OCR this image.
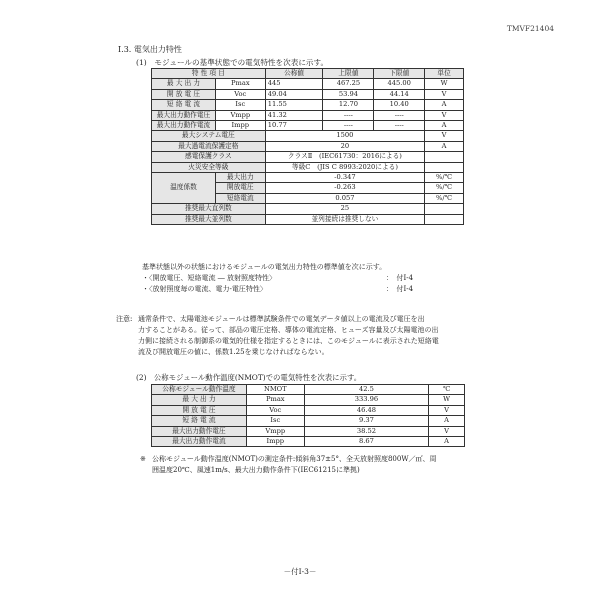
TMVF21404
Ⅰ.3. 電気出力特性
(1)　モジュールの基準状態での電気特性を次表に示す。
特 性 項 目		公称値	上限値	下限値	単位
最 大 出 力	Pmax	445	467.25	445.00	W
開 放 電 圧	Voc	49.04	53.94	44.14	V
短 絡 電 流	Isc	11.55	12.70	10.40	A
最大出力動作電圧	Vmpp	41.32	----	----	V
最大出力動作電流	Impp	10.77	----	----	A
最大システム電圧		1500			V
最大過電流保護定格		20			A
感電保護クラス		クラスⅡ　(IEC61730：2016による)			
火災安全等級		等級C　(JIS C 8993:2020による)			
温度係数	最大出力	-0.347			%/℃
	開放電圧	-0.263			%/℃
	短絡電流	0.057			%/℃
推奨最大直列数		25			
推奨最大並列数		並列接続は推奨しない			
基準状態以外の状態におけるモジュールの電気出力特性の標準値を次に示す。
・〈開放電圧、短絡電流 ― 放射照度特性〉	：　付Ⅰ-4
・〈放射照度毎の電流、電力-電圧特性〉	：　付Ⅰ-4
注意: 通常条件で、太陽電池モジュールは標準試験条件での電気データ値以上の電流及び電圧を出
力することがある。従って、部品の電圧定格、導体の電流定格、ヒューズ容量及び太陽電池の出
力側に接続される制御系の電気的仕様を指定するときには、このモジュールに表示された短絡電
流及び開放電圧の値に、係数1.25を乗じなければならない。
(2)　公称モジュール動作温度(NMOT)での電気特性を次表に示す。
公称モジュール動作温度	NMOT	42.5	℃
最 大 出 力	Pmax	333.96	W
開 放 電 圧	Voc	46.48	V
短 絡 電 流	Isc	9.37	A
最大出力動作電圧	Vmpp	38.52	V
最大出力動作電流	Impp	8.67	A
※ 公称モジュール動作温度(NMOT)の測定条件:傾斜角37±5°、全天放射照度800W／㎡、周
囲温度20℃、風速1m/s、最大出力動作条件下(IEC61215に準拠)
－付Ⅰ-3－
